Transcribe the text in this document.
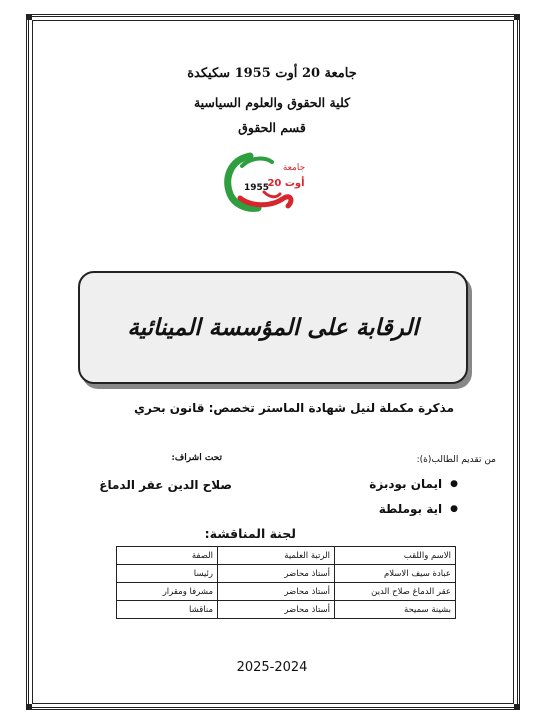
جامعة 20 أوت 1955 سكيكدة
كلية الحقوق والعلوم السياسية
قسم الحقوق
1955
20 أوت
جامعة
الرقابة على المؤسسة المينائية
مذكرة مكملة لنيل شهادة الماستر تخصص: قانون بحري
من تقديم الطالب(ة):
●
ايمان بودبزة
●
اية بوملطة
تحت اشراف:
صلاح الدين عقر الدماغ
لجنة المناقشة:
الاسم واللقب	الرتبة العلمية	الصفة
عبادة سيف الاسلام	أستاذ محاضر	رئيسا
عقر الدماغ صلاح الدين	أستاذ محاضر	مشرفا ومقرار
بشينة سميحة	أستاذ محاضر	مناقشا
2025-2024
